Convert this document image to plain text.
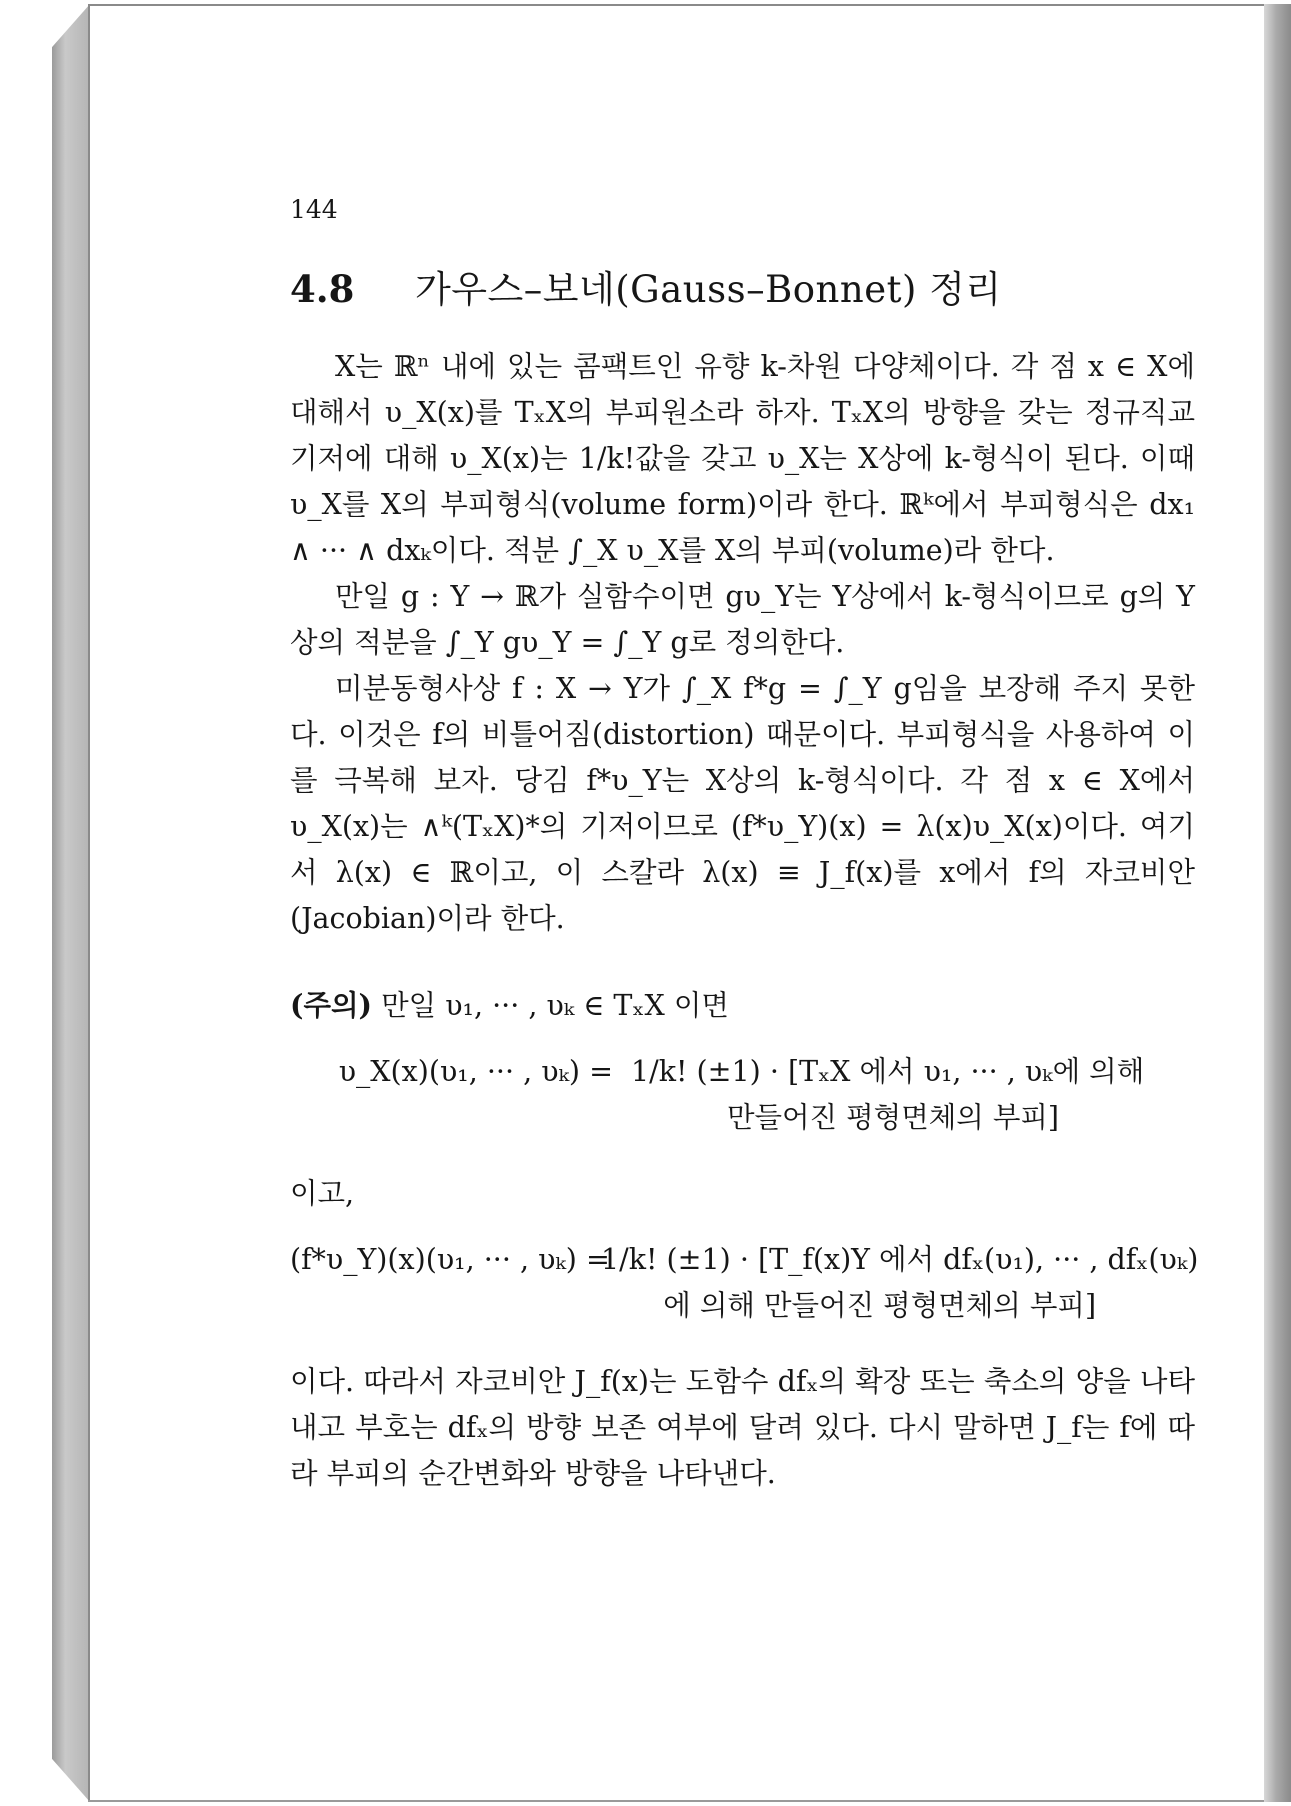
144
4.8 가우스–보네(Gauss–Bonnet) 정리

X는 ℝⁿ 내에 있는 콤팩트인 유향 k-차원 다양체이다. 각 점 x ∈ X에 대해서 υ_X(x)를 TₓX의 부피원소라 하자. TₓX의 방향을 갖는 정규직교기저에 대해 υ_X(x)는 1/k!값을 갖고 υ_X는 X상에 k-형식이 된다. 이때 υ_X를 X의 부피형식(volume form)이라 한다. ℝᵏ에서 부피형식은 dx₁ ∧ ··· ∧ dxₖ이다. 적분 ∫_X υ_X를 X의 부피(volume)라 한다.

만일 g : Y → ℝ가 실함수이면 gυ_Y는 Y상에서 k-형식이므로 g의 Y상의 적분을 ∫_Y gυ_Y = ∫_Y g로 정의한다.

미분동형사상 f : X → Y가 ∫_X f*g = ∫_Y g임을 보장해 주지 못한다. 이것은 f의 비틀어짐(distortion) 때문이다. 부피형식을 사용하여 이를 극복해 보자. 당김 f*υ_Y는 X상의 k-형식이다. 각 점 x ∈ X에서 υ_X(x)는 ∧ᵏ(TₓX)*의 기저이므로 (f*υ_Y)(x) = λ(x)υ_X(x)이다. 여기서 λ(x) ∈ ℝ이고, 이 스칼라 λ(x) ≡ J_f(x)를 x에서 f의 자코비안(Jacobian)이라 한다.

(주의) 만일 υ₁, ··· , υₖ ∈ TₓX 이면

υ_X(x)(υ₁, ··· , υₖ) = 1/k! (±1) · [TₓX 에서 υ₁, ··· , υₖ에 의해
만들어진 평형면체의 부피]

이고,

(f*υ_Y)(x)(υ₁, ··· , υₖ) =
1/k! (±1) · [T_f(x)Y 에서 dfₓ(υ₁), ··· , dfₓ(υₖ)
에 의해 만들어진 평형면체의 부피]

이다. 따라서 자코비안 J_f(x)는 도함수 dfₓ의 확장 또는 축소의 양을 나타내고 부호는 dfₓ의 방향 보존 여부에 달려 있다. 다시 말하면 J_f는 f에 따라 부피의 순간변화와 방향을 나타낸다.
